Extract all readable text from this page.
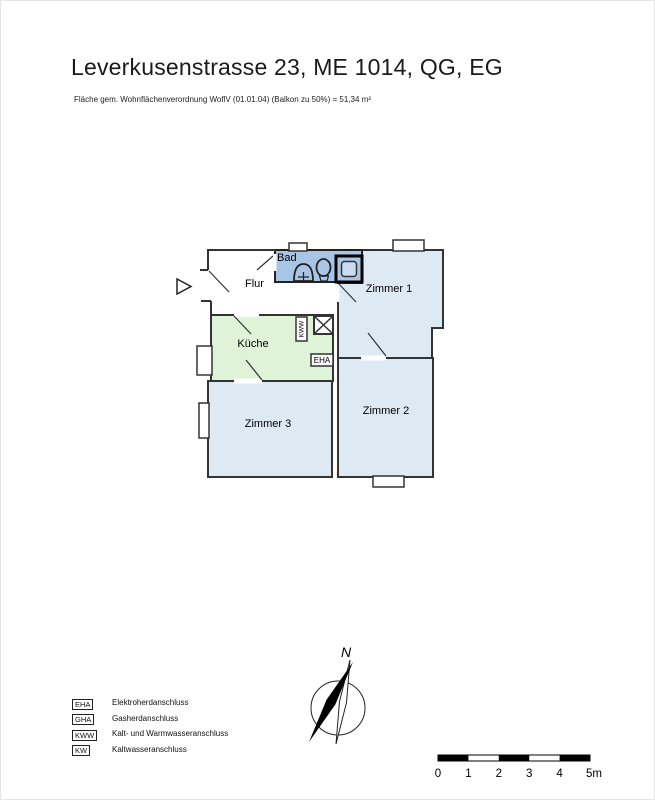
Leverkusenstrasse 23, ME 1014, QG, EG
Fläche gem. Wohnflächenverordnung WoflV (01.01.04) (Balkon zu 50%) = 51,34 m²
KWW
EHA
Bad
Flur	Zimmer 1
Küche
Zimmer 2
Zimmer 3
N
EHA	Elektroherdanschluss
GHA	Gasherdanschluss
KWW	Kalt- und Warmwasseranschluss
KW	Kaltwasseranschluss
0 1 2 3 4 5m
